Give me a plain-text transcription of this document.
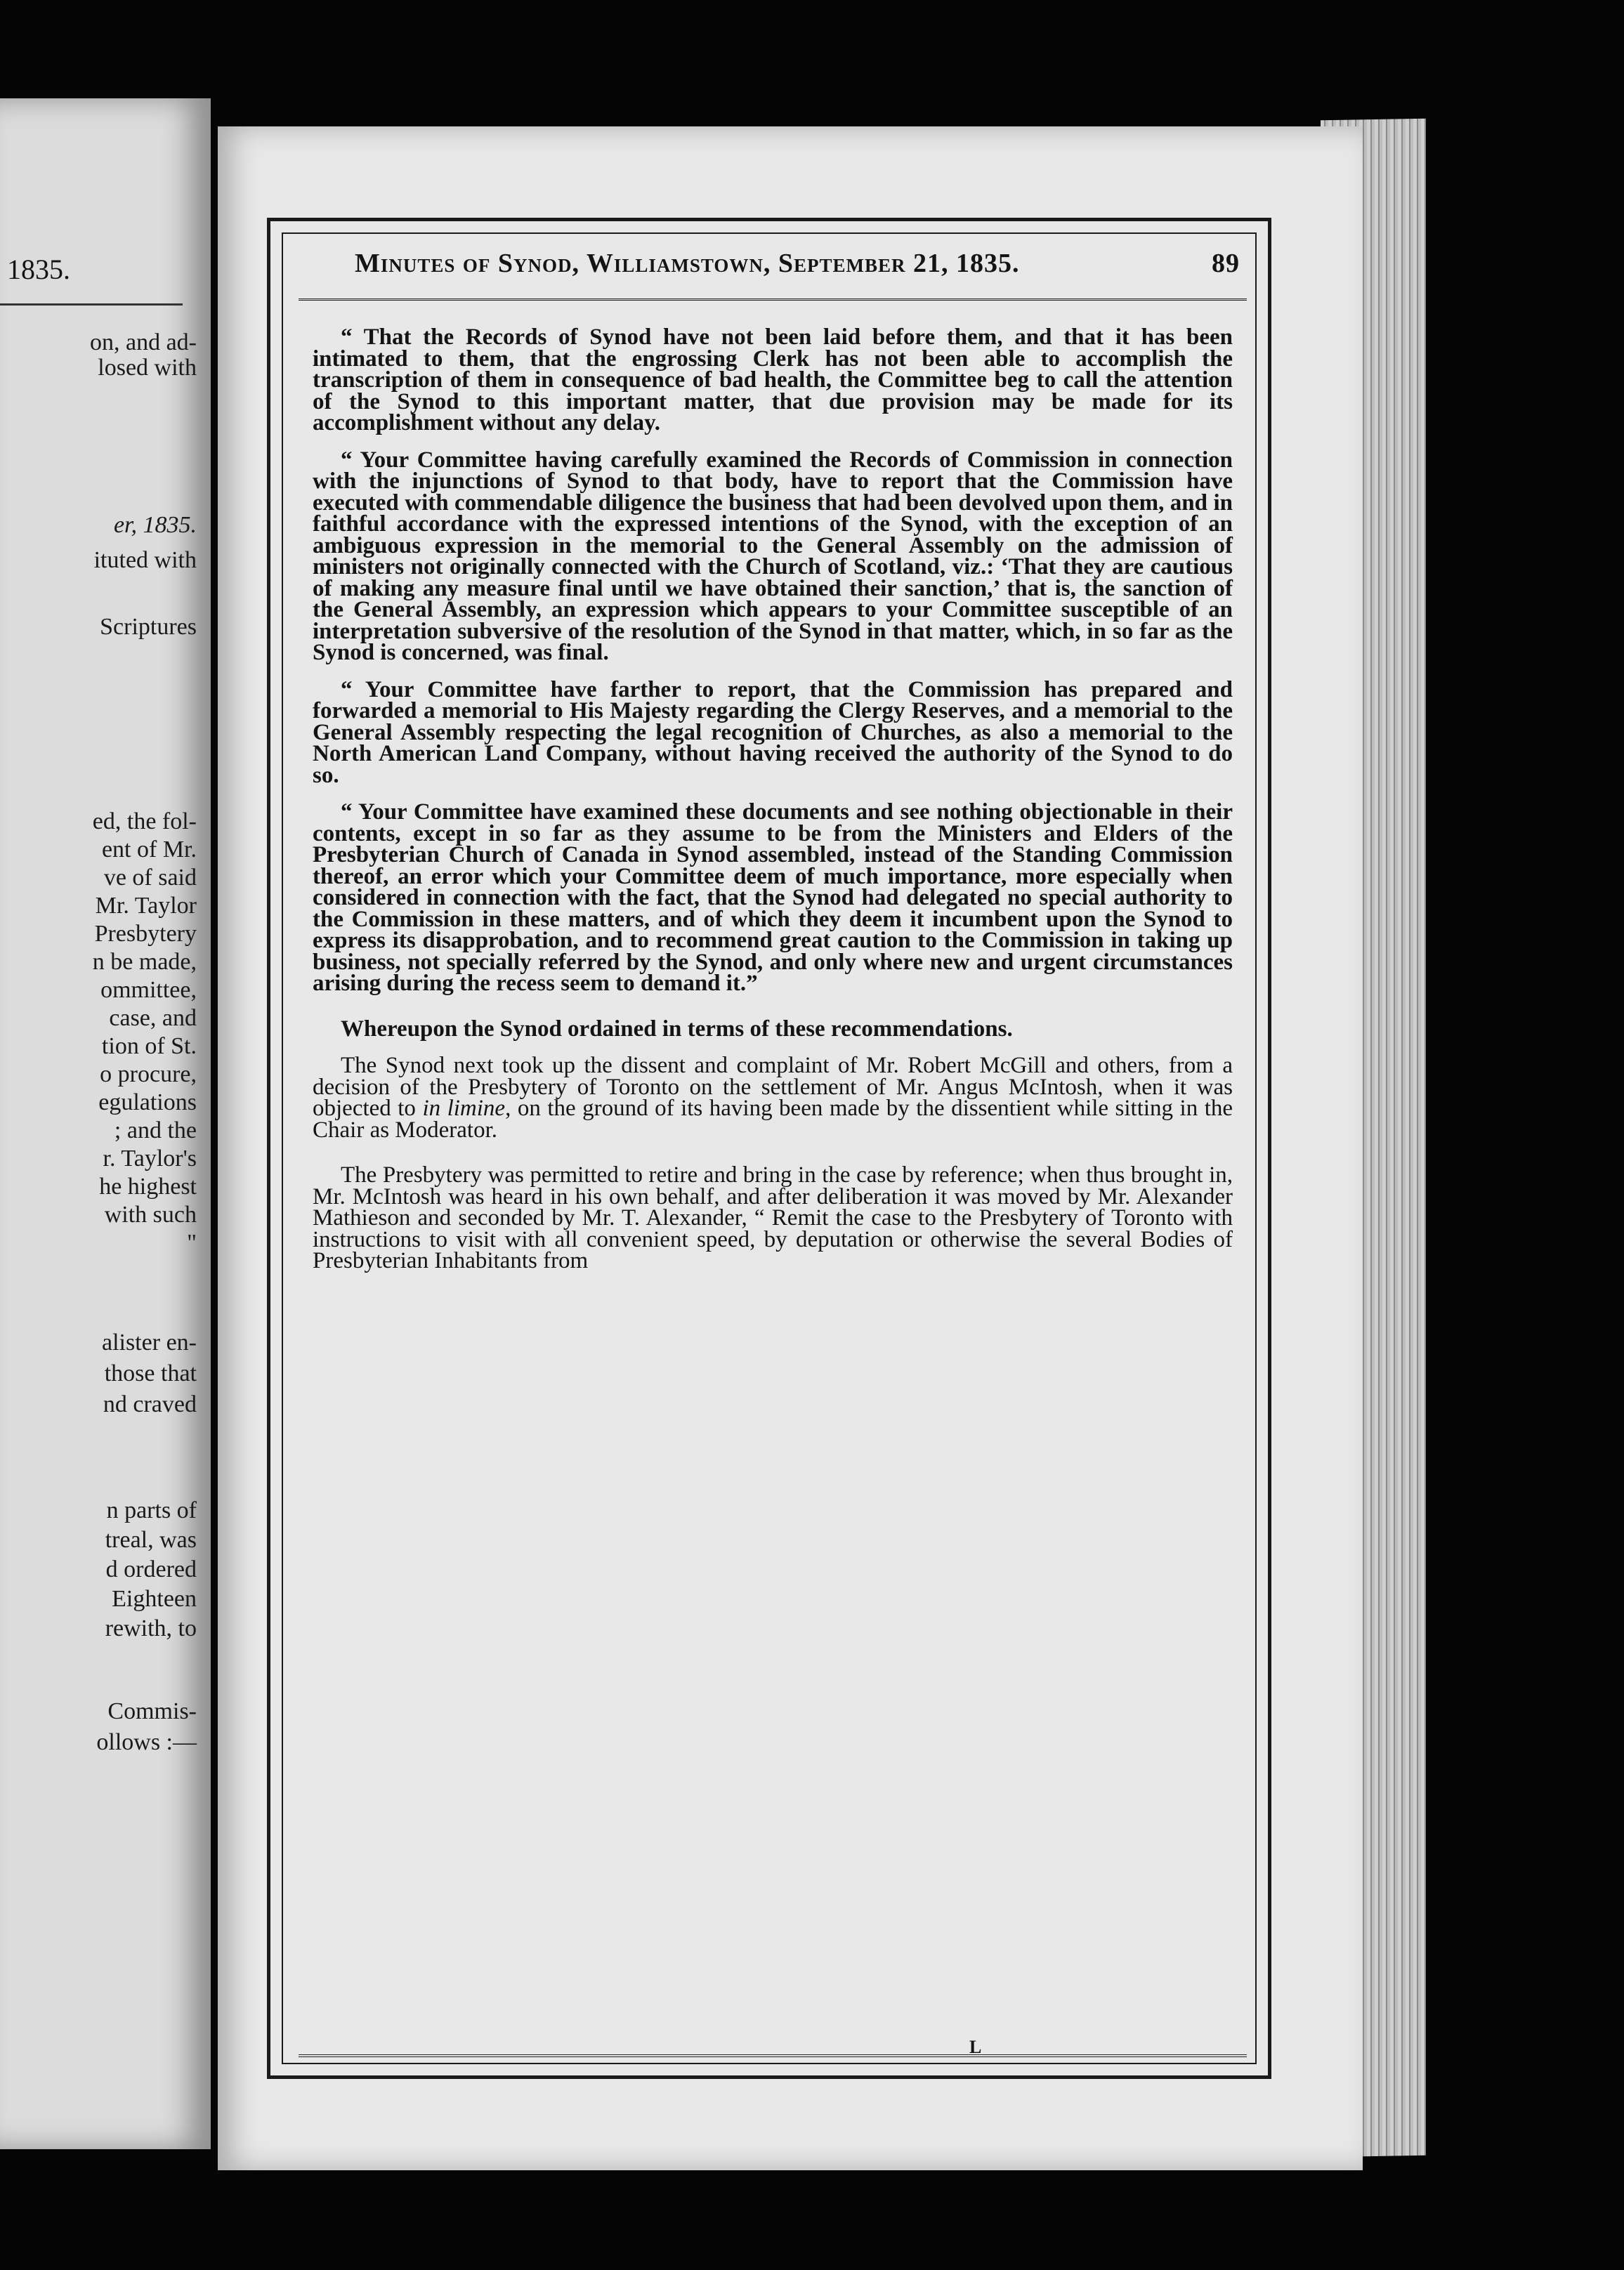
1835.
on, and ad-
losed with
er, 1835.
ituted with
Scriptures
ed, the fol-
ent of Mr.
ve of said
Mr. Taylor
Presbytery
n be made,
ommittee,
case, and
tion of St.
o procure,
egulations
; and the
r. Taylor's
he highest
with such
"
alister en-
those that
nd craved
n parts of
treal, was
d ordered
Eighteen
rewith, to
Commis-
ollows :—
Minutes of Synod, Williamstown, September 21, 1835.	89

“ That the Records of Synod have not been laid before them, and that it has been intimated to them, that the engrossing Clerk has not been able to accomplish the transcription of them in consequence of bad health, the Committee beg to call the attention of the Synod to this important matter, that due provision may be made for its accomplishment without any delay.

“ Your Committee having carefully examined the Records of Commission in connection with the injunctions of Synod to that body, have to report that the Commission have executed with commendable diligence the business that had been devolved upon them, and in faithful accordance with the expressed intentions of the Synod, with the exception of an ambiguous expression in the memorial to the General Assembly on the admission of ministers not originally connected with the Church of Scotland, viz.: ‘That they are cautious of making any measure final until we have obtained their sanction,’ that is, the sanction of the General Assembly, an expression which appears to your Committee susceptible of an interpretation subversive of the resolution of the Synod in that matter, which, in so far as the Synod is concerned, was final.

“ Your Committee have farther to report, that the Commission has prepared and forwarded a memorial to His Majesty regarding the Clergy Reserves, and a memorial to the General Assembly respecting the legal recognition of Churches, as also a memorial to the North American Land Company, without having received the authority of the Synod to do so.

“ Your Committee have examined these documents and see nothing objectionable in their contents, except in so far as they assume to be from the Ministers and Elders of the Presbyterian Church of Canada in Synod assembled, instead of the Standing Commission thereof, an error which your Committee deem of much importance, more especially when considered in connection with the fact, that the Synod had delegated no special authority to the Commission in these matters, and of which they deem it incumbent upon the Synod to express its disapprobation, and to recommend great caution to the Commission in taking up business, not specially referred by the Synod, and only where new and urgent circumstances arising during the recess seem to demand it.”

Whereupon the Synod ordained in terms of these recommendations.

The Synod next took up the dissent and complaint of Mr. Robert McGill and others, from a decision of the Presbytery of Toronto on the settlement of Mr. Angus McIntosh, when it was objected to in limine, on the ground of its having been made by the dissentient while sitting in the Chair as Moderator.

The Presbytery was permitted to retire and bring in the case by reference; when thus brought in, Mr. McIntosh was heard in his own behalf, and after deliberation it was moved by Mr. Alexander Mathieson and seconded by Mr. T. Alexander, “ Remit the case to the Presbytery of Toronto with instructions to visit with all convenient speed, by deputation or otherwise the several Bodies of Presbyterian Inhabitants from

L
